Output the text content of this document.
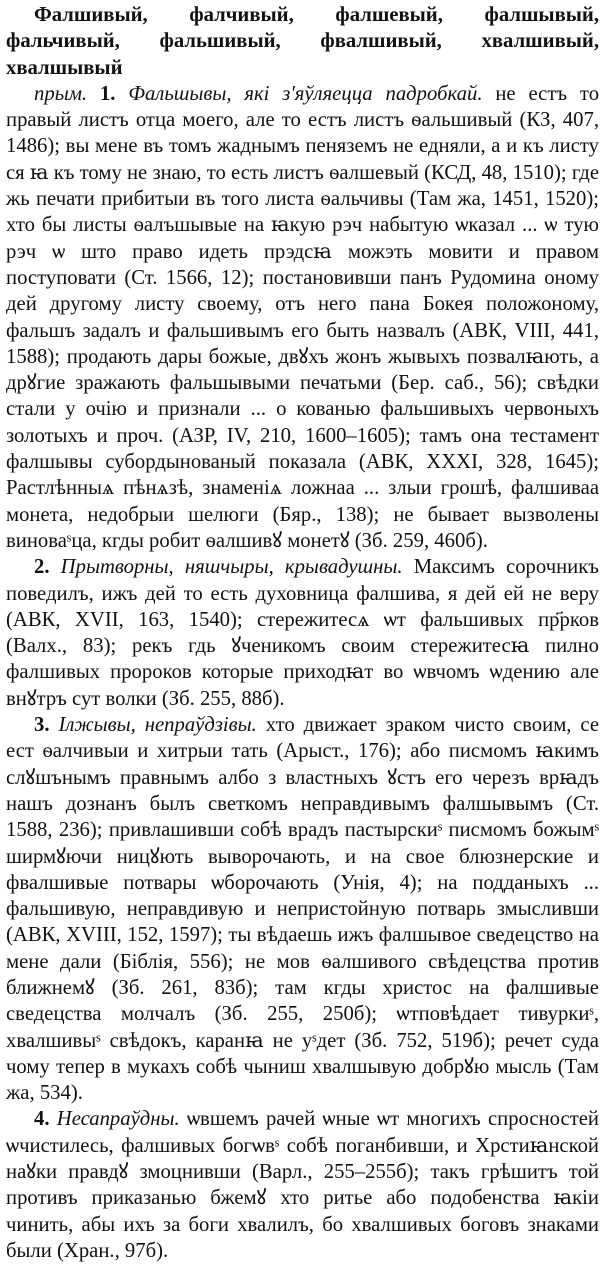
Фалшивый, фалчивый, фалшевый, фалшывый, фальчивый, фальшивый, фвалшивый, хвалшивый, хвалшывый

прым. 1. Фальшывы, які з'яўляецца падробкай. не естъ то правый листъ отца моего, але то естъ листъ ѳальшивый (КЗ, 407, 1486); вы мене въ томъ жаднымъ пеняземъ не едняли, а и къ листу ся ꙗ къ тому не знаю, то есть листъ ѳалшевый (КСД, 48, 1510); где жь печати прибитыи въ того листа ѳальчивы (Там жа, 1451, 1520); хто бы листы ѳалъшывые на ꙗкую рэч набытую ѡказал ... ѡ тую рэч ѡ што право идеть прэдсꙗ можэть мовити и правом поступовати (Ст. 1566, 12); постановивши панъ Рудомина оному дей другому листу своему, отъ него пана Бокея положоному, фальшъ задалъ и фальшивымъ его быть назвалъ (АВК, VIII, 441, 1588); продають дары божые, двꙋхъ жонъ жывыхъ позвалꙗють, а дрꙋгие зражають фальшывыми печатьми (Бер. саб., 56); свѣдки стали у очію и признали ... о кованью фальшивыхъ червоныхъ золотыхъ и проч. (АЗР, IV, 210, 1600–1605); тамъ она тестамент фалшывы субордынованый показала (АВК, XXXI, 328, 1645); Растлѣнныѧ пѣнѧзѣ, знаменіѧ ложнаа ... злыи грошѣ, фалшиваа монета, недобрыи шелюги (Бяр., 138); не бывает вызволены виноваˢца, кгды робит ѳалшивꙋ монетꙋ (Зб. 259, 460б).

2. Прытворны, няшчыры, крывадушны. Максимъ сорочникъ поведилъ, ижъ дей то есть духовница фалшива, я дей ей не веру (АВК, XVII, 163, 1540); стережитесѧ ѡт фальшивых пр҃рков (Валх., 83); рекъ гдь ꙋченикомъ своим стережитесꙗ пилно фалшивых пророков которые приходꙗт во ѡвчомъ ѡдению але внꙋтръ сут волки (Зб. 255, 88б).

3. Ілжывы, непраўдзівы. хто движает зраком чисто своим, се ест ѳалчивыи и хитрыи тать (Арыст., 176); або писмомъ ꙗкимъ слꙋшънымъ правнымъ албо з властныхъ ꙋстъ его черезъ врꙗдъ нашъ дознанъ былъ светкомъ неправдивымъ фалшывымъ (Ст. 1588, 236); привлашивши собѣ врадъ пастырскиˢ писмомъ божымˢ ширмꙋючи ницꙋють выворочають, и на свое блюзнерские и фвалшивые потвары ѡборочають (Унія, 4); на подданыхъ ... фальшивую, неправдивую и непристойную потварь змысливши (АВК, XVIII, 152, 1597); ты вѣдаешь ижъ фалшывое сведецство на мене дали (Біблія, 556); не мов ѳалшивого свѣдецства против ближнемꙋ (Зб. 261, 83б); там кгды христос на фалшивые сведецства молчалъ (Зб. 255, 250б); ѡтповѣдает тивуркиˢ, хвалшивыˢ свѣдокъ, каранꙗ не уˢдет (Зб. 752, 519б); речет суда чому тепер в мукахъ собѣ чыниш хвалшывую добрꙋю мысль (Там жа, 534).

4. Несапраўдны. ѡвшемъ рачей ѡные ѡт многихъ спросностей ѡчистилесь, фалшивых богѡвˢ собѣ поганбивши, и Хрстиꙗнской наꙋки правдꙋ змоцнивши (Варл., 255–255б); такъ грѣшитъ той противъ приказанью бжемꙋ хто ритье або подобенства ꙗкіи чинить, абы ихъ за боги хвалилъ, бо хвалшивых боговъ знаками были (Хран., 97б).
